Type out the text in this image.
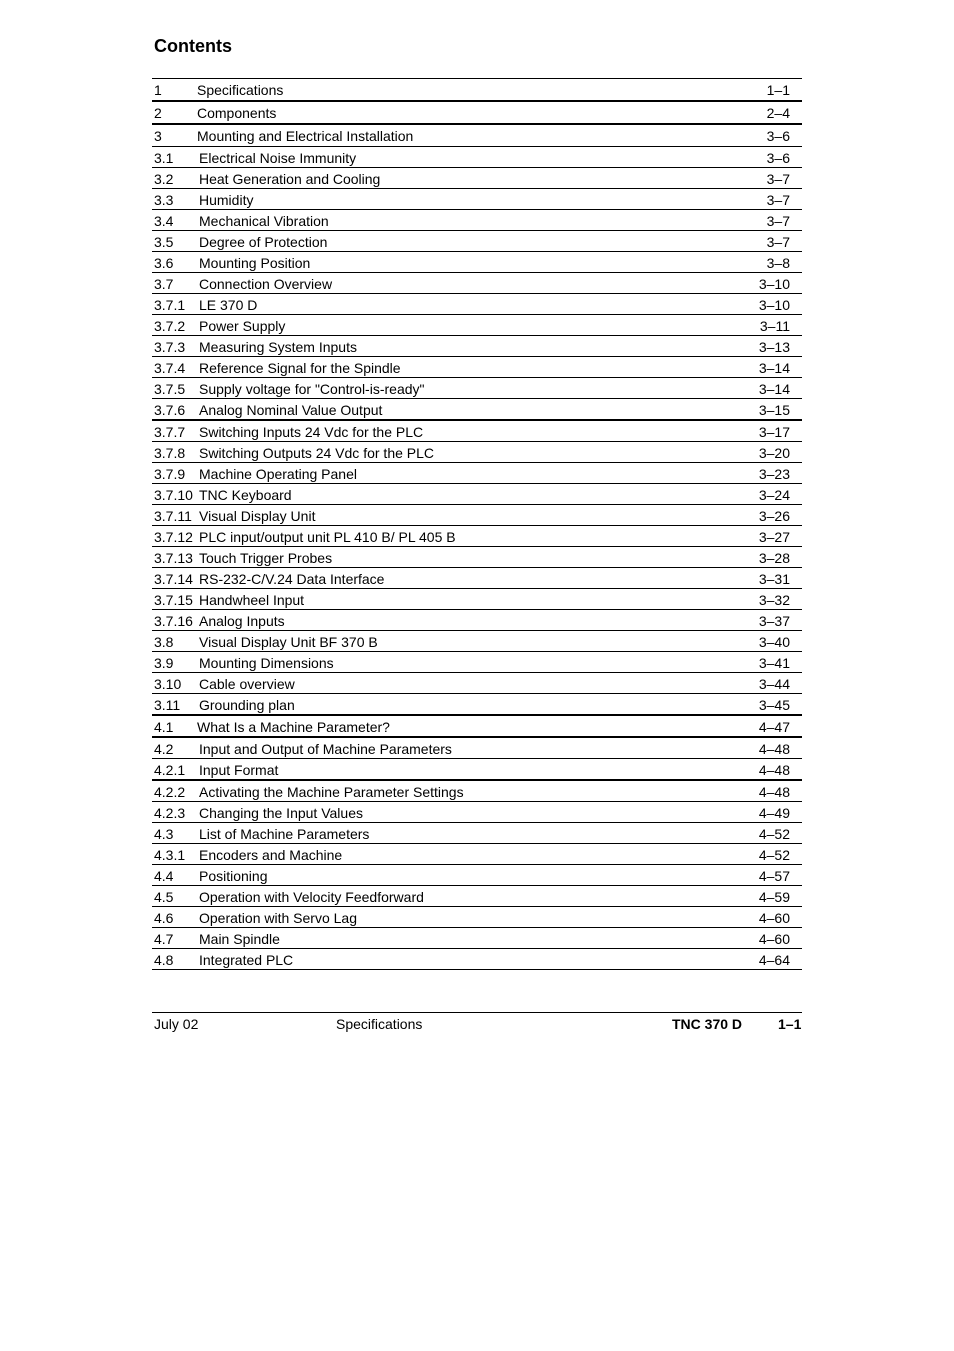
Contents
1	Specifications	1–1
2	Components	2–4
3	Mounting and Electrical Installation	3–6
3.1 Electrical Noise Immunity	3–6
3.2 Heat Generation and Cooling	3–7
3.3 Humidity	3–7
3.4 Mechanical Vibration	3–7
3.5 Degree of Protection	3–7
3.6 Mounting Position	3–8
3.7 Connection Overview	3–10
3.7.1 LE 370 D	3–10
3.7.2 Power Supply	3–11
3.7.3 Measuring System Inputs	3–13
3.7.4 Reference Signal for the Spindle	3–14
3.7.5 Supply voltage for "Control-is-ready"	3–14
3.7.6 Analog Nominal Value Output	3–15
3.7.7 Switching Inputs 24 Vdc for the PLC	3–17
3.7.8 Switching Outputs 24 Vdc for the PLC	3–20
3.7.9 Machine Operating Panel	3–23
3.7.10 TNC Keyboard	3–24
3.7.11 Visual Display Unit	3–26
3.7.12 PLC input/output unit PL 410 B/ PL 405 B	3–27
3.7.13 Touch Trigger Probes	3–28
3.7.14 RS-232-C/V.24 Data Interface	3–31
3.7.15 Handwheel Input	3–32
3.7.16 Analog Inputs	3–37
3.8 Visual Display Unit BF 370 B	3–40
3.9 Mounting Dimensions	3–41
3.10 Cable overview	3–44
3.11 Grounding plan	3–45
4.1 What Is a Machine Parameter?	4–47
4.2 Input and Output of Machine Parameters	4–48
4.2.1 Input Format	4–48
4.2.2 Activating the Machine Parameter Settings	4–48
4.2.3 Changing the Input Values	4–49
4.3 List of Machine Parameters	4–52
4.3.1 Encoders and Machine	4–52
4.4 Positioning	4–57
4.5 Operation with Velocity Feedforward	4–59
4.6 Operation with Servo Lag	4–60
4.7 Main Spindle	4–60
4.8 Integrated PLC	4–64
July 02	Specifications	TNC 370 D	1–1
